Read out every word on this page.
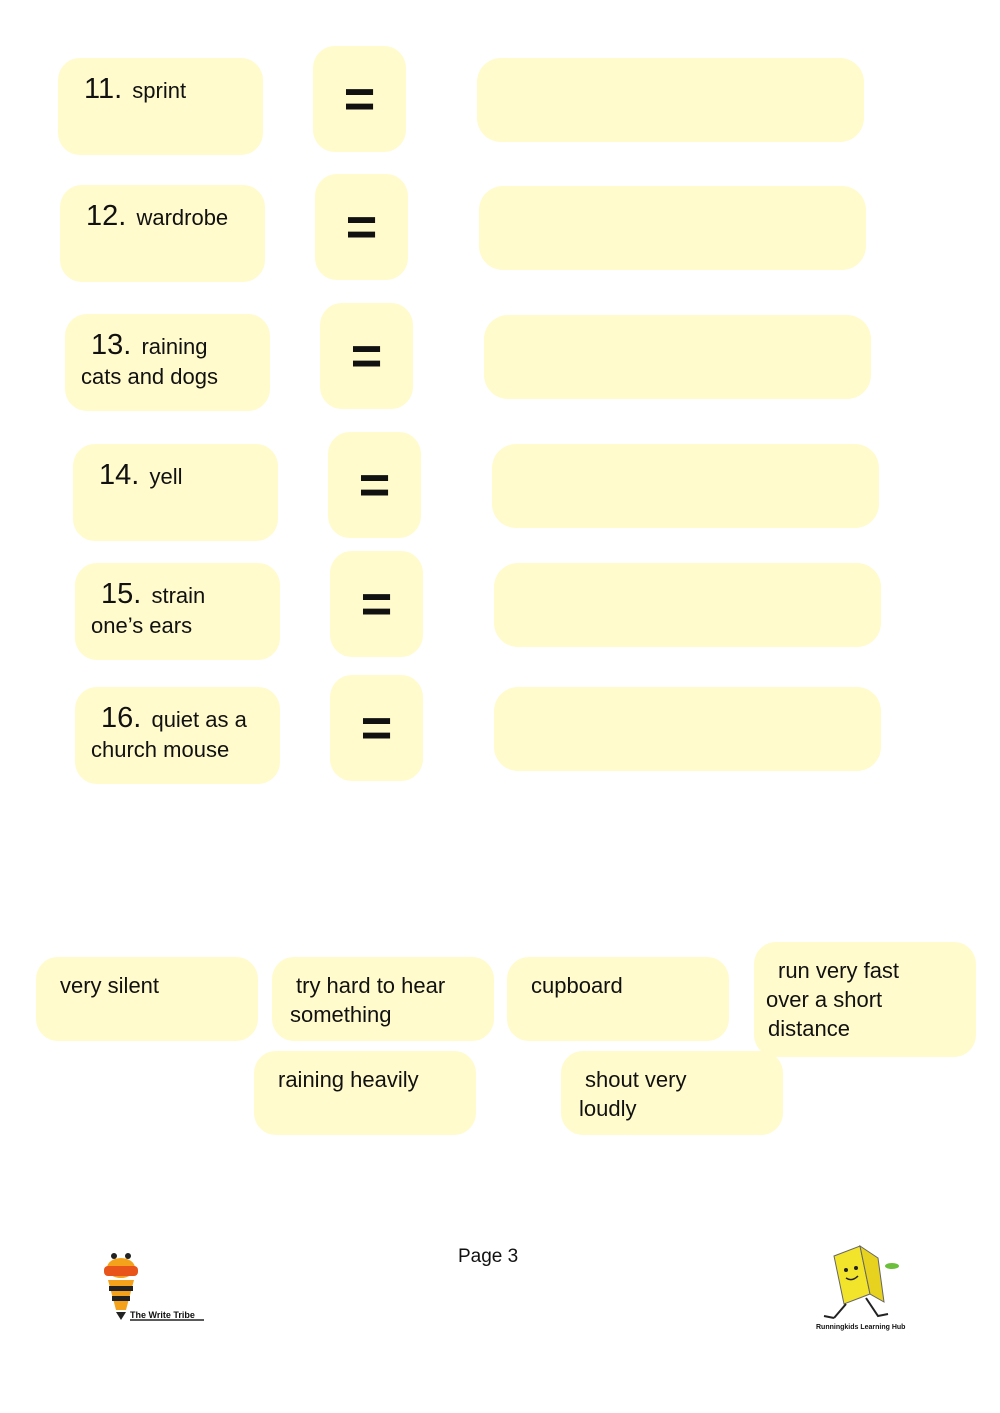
11. sprint	=
12. wardrobe	=
13. raining
cats and dogs	=
14. yell	=
15. strain
one’s ears	=
16. quiet as a
church mouse	=
very silent	try hard to hear
something
cupboard
run very fast
over a short
distance
raining heavily	shout very
loudly
Page 3
The Write Tribe
Runningkids Learning Hub
